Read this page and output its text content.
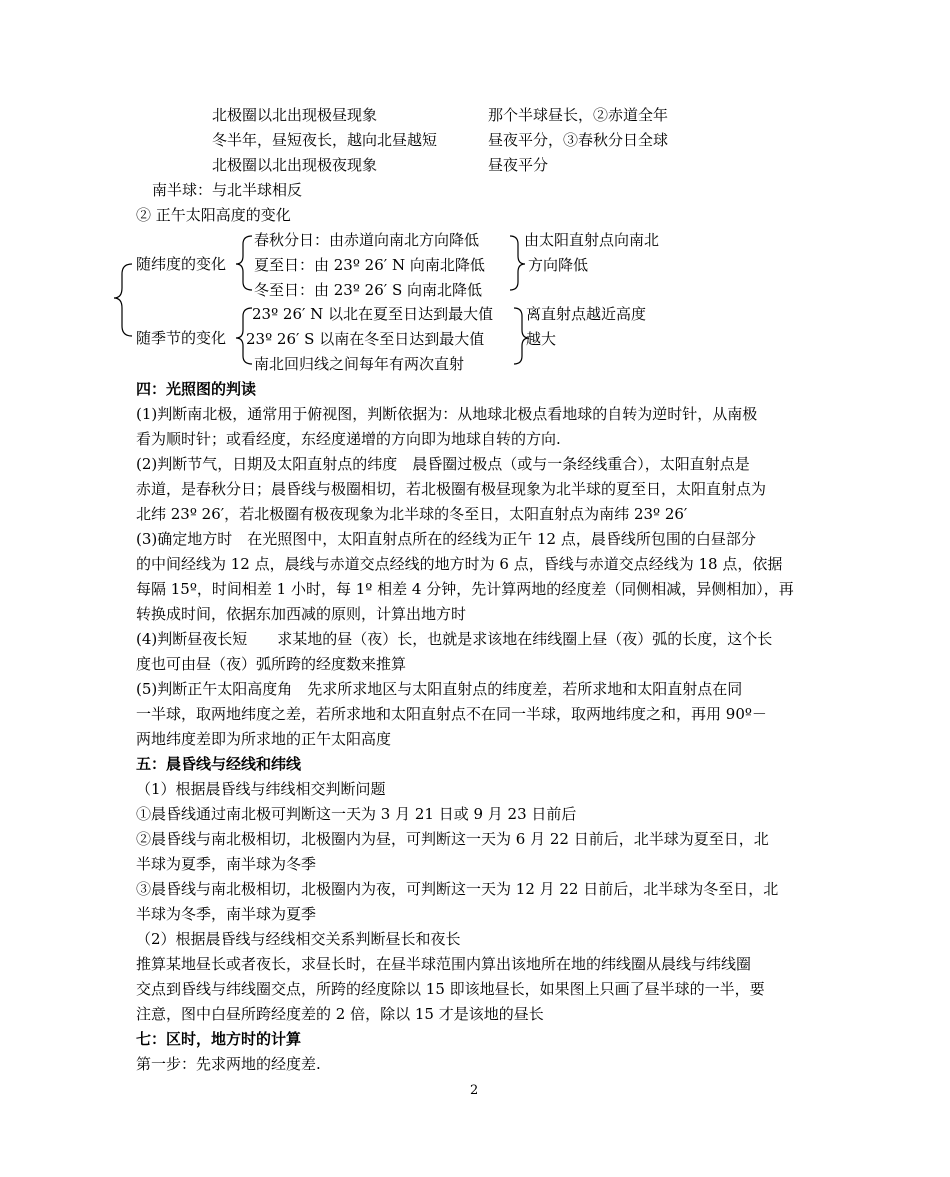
北极圈以北出现极昼现象
冬半年，昼短夜长，越向北昼越短
北极圈以北出现极夜现象
那个半球昼长，②赤道全年
昼夜平分，③春秋分日全球
昼夜平分
南半球：与北半球相反
② 正午太阳高度的变化
随纬度的变化
春秋分日：由赤道向南北方向降低
夏至日：由 23º 26′ N 向南北降低
冬至日：由 23º 26′ S 向南北降低
由太阳直射点向南北
方向降低
随季节的变化
23º 26′ N 以北在夏至日达到最大值
23º 26′ S 以南在冬至日达到最大值
南北回归线之间每年有两次直射
离直射点越近高度
越大
四：光照图的判读
(1)判断南北极，通常用于俯视图，判断依据为：从地球北极点看地球的自转为逆时针，从南极
看为顺时针；或看经度，东经度递增的方向即为地球自转的方向.
(2)判断节气，日期及太阳直射点的纬度　晨昏圈过极点（或与一条经线重合），太阳直射点是
赤道，是春秋分日；晨昏线与极圈相切，若北极圈有极昼现象为北半球的夏至日，太阳直射点为
北纬 23º 26′，若北极圈有极夜现象为北半球的冬至日，太阳直射点为南纬 23º 26′
(3)确定地方时　在光照图中，太阳直射点所在的经线为正午 12 点，晨昏线所包围的白昼部分
的中间经线为 12 点，晨线与赤道交点经线的地方时为 6 点，昏线与赤道交点经线为 18 点，依据
每隔 15º，时间相差 1 小时，每 1º 相差 4 分钟，先计算两地的经度差（同侧相减，异侧相加），再
转换成时间，依据东加西减的原则，计算出地方时
(4)判断昼夜长短　　求某地的昼（夜）长，也就是求该地在纬线圈上昼（夜）弧的长度，这个长
度也可由昼（夜）弧所跨的经度数来推算
(5)判断正午太阳高度角　先求所求地区与太阳直射点的纬度差，若所求地和太阳直射点在同
一半球，取两地纬度之差，若所求地和太阳直射点不在同一半球，取两地纬度之和，再用 90º－
两地纬度差即为所求地的正午太阳高度
五：晨昏线与经线和纬线
（1）根据晨昏线与纬线相交判断问题
①晨昏线通过南北极可判断这一天为 3 月 21 日或 9 月 23 日前后
②晨昏线与南北极相切，北极圈内为昼，可判断这一天为 6 月 22 日前后，北半球为夏至日，北
半球为夏季，南半球为冬季
③晨昏线与南北极相切，北极圈内为夜，可判断这一天为 12 月 22 日前后，北半球为冬至日，北
半球为冬季，南半球为夏季
（2）根据晨昏线与经线相交关系判断昼长和夜长
推算某地昼长或者夜长，求昼长时，在昼半球范围内算出该地所在地的纬线圈从晨线与纬线圈
交点到昏线与纬线圈交点，所跨的经度除以 15 即该地昼长，如果图上只画了昼半球的一半，要
注意，图中白昼所跨经度差的 2 倍，除以 15 才是该地的昼长
七：区时，地方时的计算
第一步：先求两地的经度差.
2
